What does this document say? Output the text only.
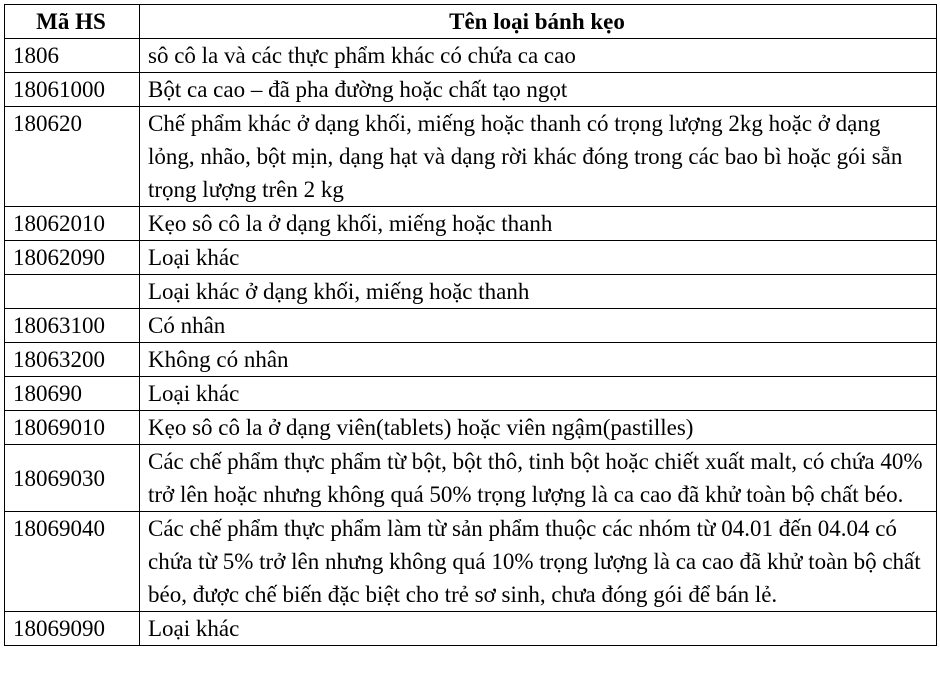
Mã HS	Tên loại bánh kẹo
1806	sô cô la và các thực phẩm khác có chứa ca cao
18061000	Bột ca cao – đã pha đường hoặc chất tạo ngọt
180620	Chế phẩm khác ở dạng khối, miếng hoặc thanh có trọng lượng 2kg hoặc ở dạng lỏng, nhão, bột mịn, dạng hạt và dạng rời khác đóng trong các bao bì hoặc gói sẵn trọng lượng trên 2 kg
18062010	Kẹo sô cô la ở dạng khối, miếng hoặc thanh
18062090	Loại khác
	Loại khác ở dạng khối, miếng hoặc thanh
18063100	Có nhân
18063200	Không có nhân
180690	Loại khác
18069010	Kẹo sô cô la ở dạng viên(tablets) hoặc viên ngậm(pastilles)
18069030	Các chế phẩm thực phẩm từ bột, bột thô, tinh bột hoặc chiết xuất malt, có chứa 40% trở lên hoặc nhưng không quá 50% trọng lượng là ca cao đã khử toàn bộ chất béo.
18069040	Các chế phẩm thực phẩm làm từ sản phẩm thuộc các nhóm từ 04.01 đến 04.04 có chứa từ 5% trở lên nhưng không quá 10% trọng lượng là ca cao đã khử toàn bộ chất béo, được chế biến đặc biệt cho trẻ sơ sinh, chưa đóng gói để bán lẻ.
18069090	Loại khác
